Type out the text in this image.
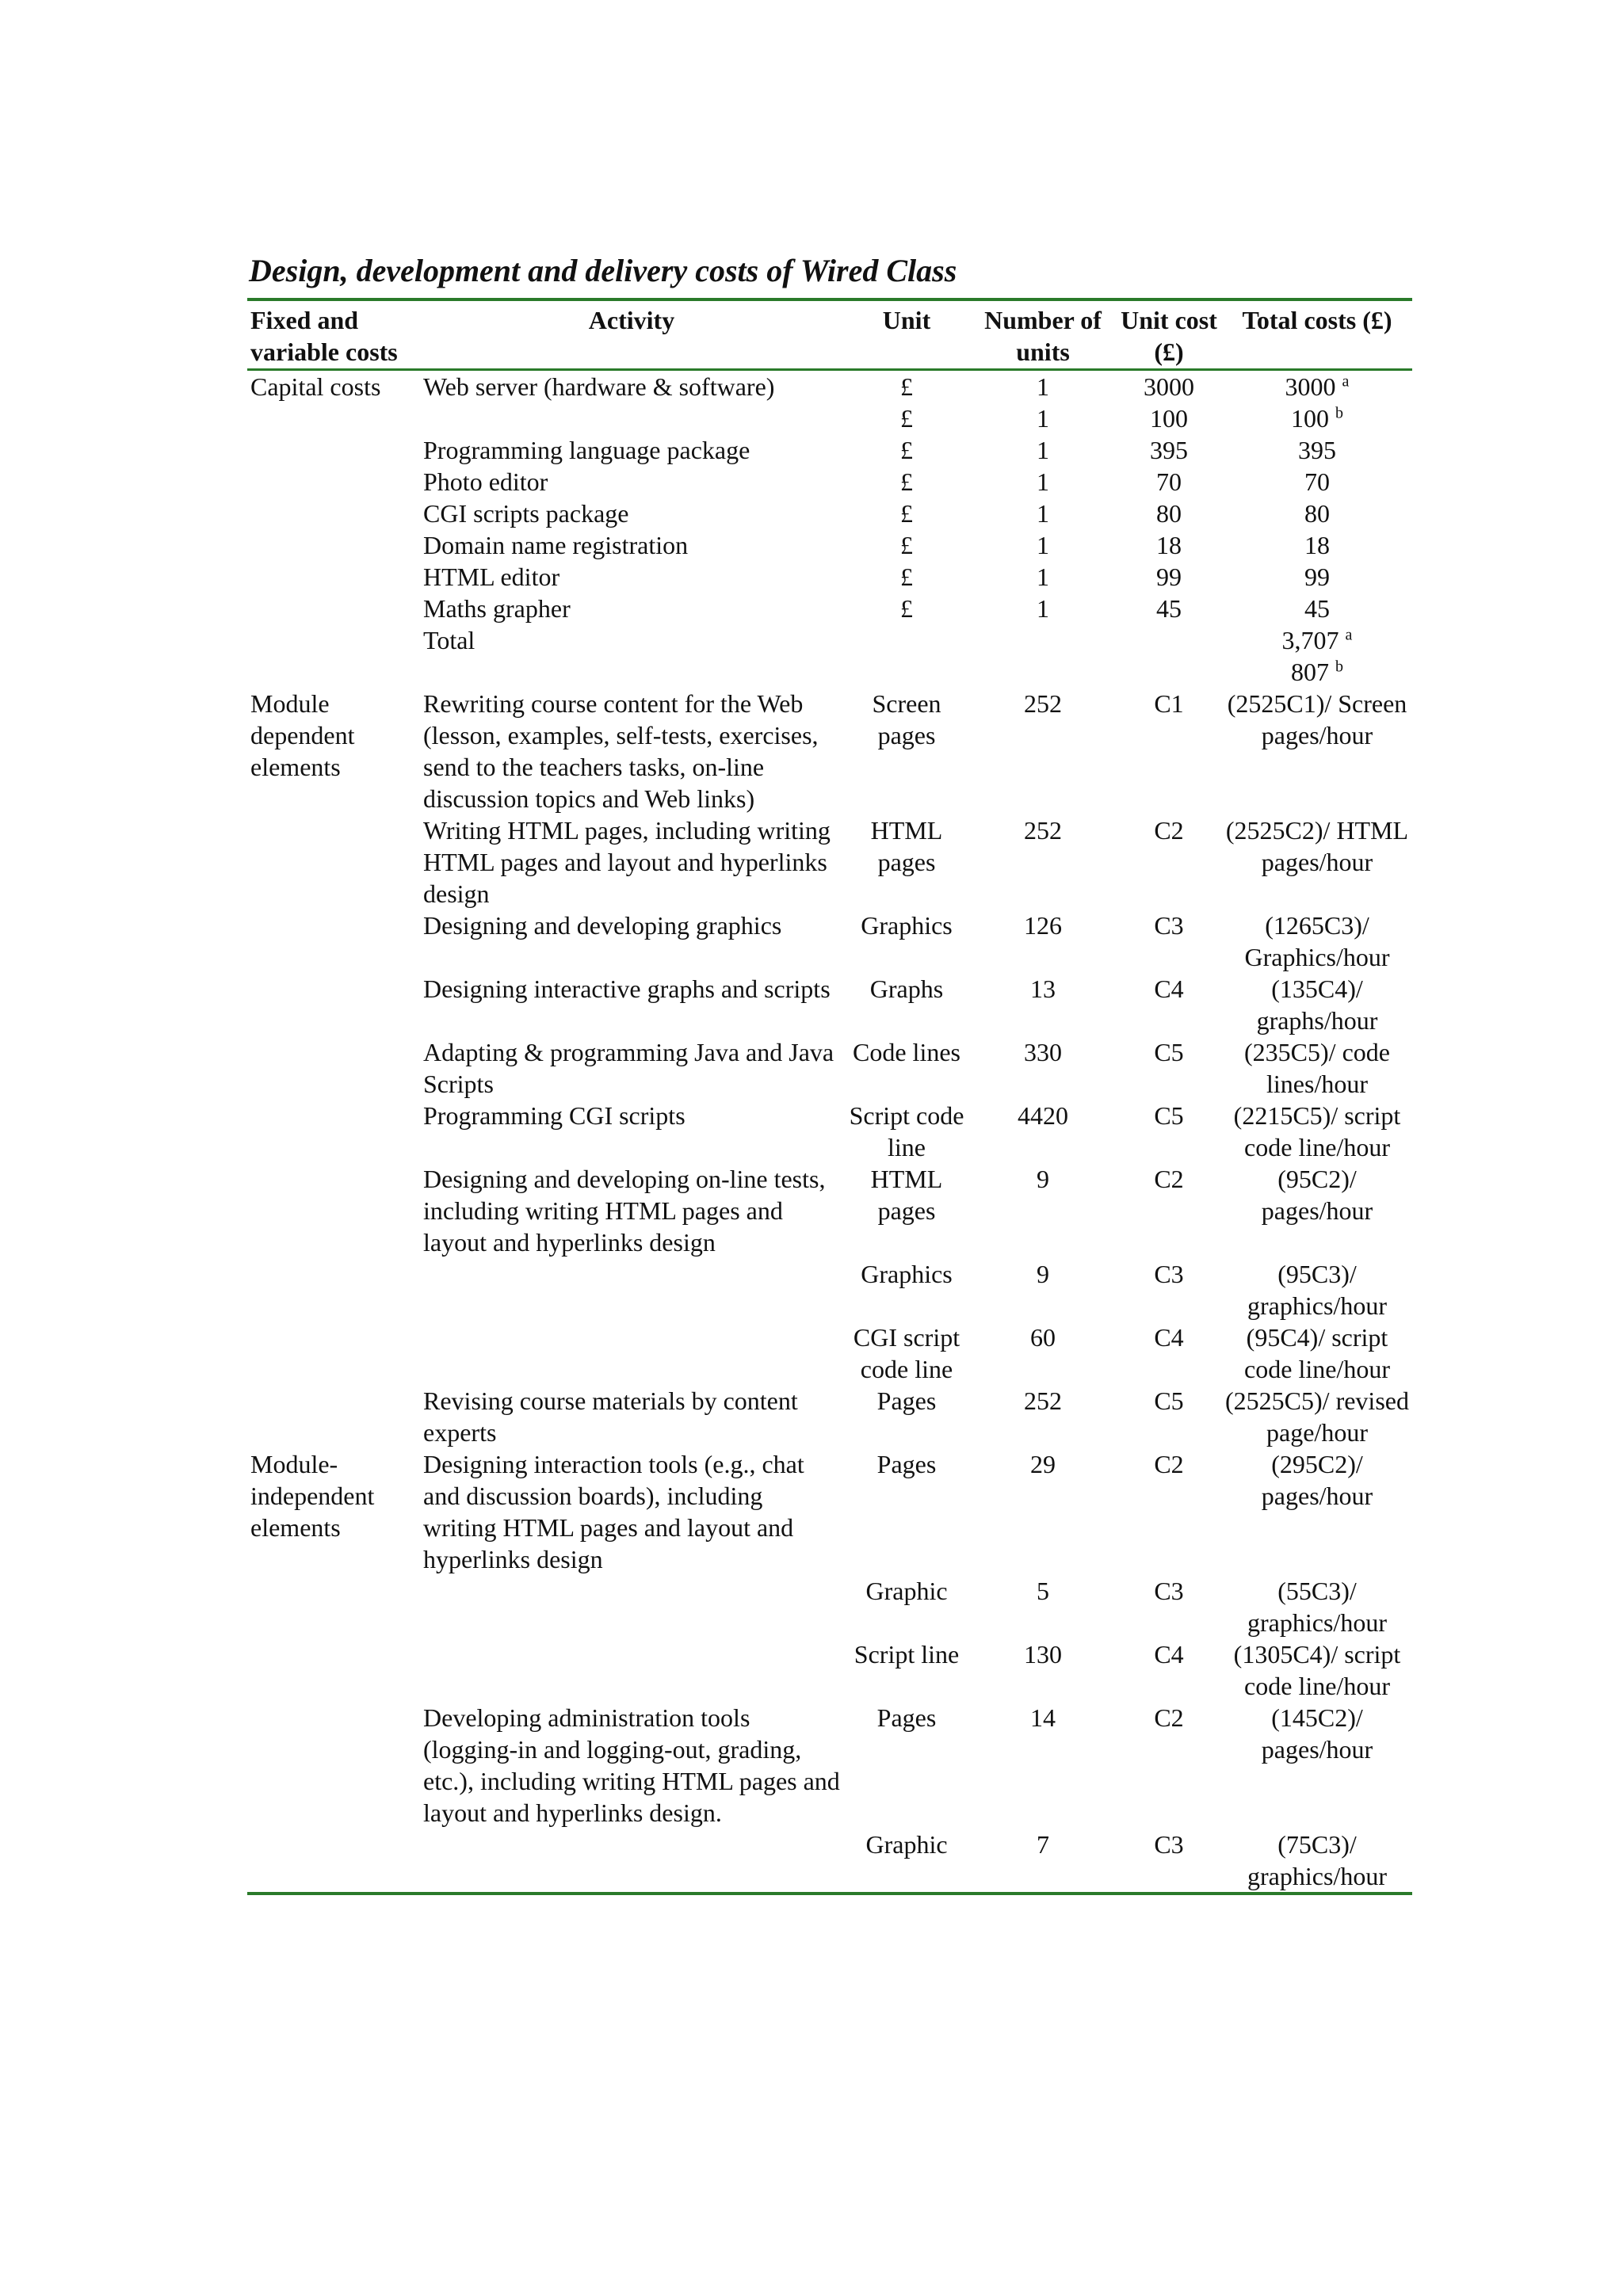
Design, development and delivery costs of Wired Class
Fixed and variable costs	Activity	Unit	Number of units	Unit cost (£)	Total costs (£)
Capital costs	Web server (hardware & software)	£	1	3000	3000 $^a$
		£	1	100	100 $^b$
	Programming language package	£	1	395	395
	Photo editor	£	1	70	70
	CGI scripts package	£	1	80	80
	Domain name registration	£	1	18	18
	HTML editor	£	1	99	99
	Maths grapher	£	1	45	45
	Total				3,707 $^a$
					807 $^b$
Module dependent elements	Rewriting course content for the Web (lesson, examples, self-tests, exercises, send to the teachers tasks, on-line discussion topics and Web links)	Screen pages	252	C1	(2525C1)/ Screen pages/hour
	Writing HTML pages, including writing HTML pages and layout and hyperlinks design	HTML pages	252	C2	(2525C2)/ HTML pages/hour
	Designing and developing graphics	Graphics	126	C3	(1265C3)/ Graphics/hour
	Designing interactive graphs and scripts	Graphs	13	C4	(135C4)/ graphs/hour
	Adapting & programming Java and Java Scripts	Code lines	330	C5	(235C5)/ code lines/hour
	Programming CGI scripts	Script code line	4420	C5	(2215C5)/ script code line/hour
	Designing and developing on-line tests, including writing HTML pages and layout and hyperlinks design	HTML pages	9	C2	(95C2)/ pages/hour
		Graphics	9	C3	(95C3)/ graphics/hour
		CGI script code line	60	C4	(95C4)/ script code line/hour
	Revising course materials by content experts	Pages	252	C5	(2525C5)/ revised page/hour
Module-independent elements	Designing interaction tools (e.g., chat and discussion boards), including writing HTML pages and layout and hyperlinks design	Pages	29	C2	(295C2)/ pages/hour
		Graphic	5	C3	(55C3)/ graphics/hour
		Script line	130	C4	(1305C4)/ script code line/hour
	Developing administration tools (logging-in and logging-out, grading, etc.), including writing HTML pages and layout and hyperlinks design.	Pages	14	C2	(145C2)/ pages/hour
		Graphic	7	C3	(75C3)/ graphics/hour
